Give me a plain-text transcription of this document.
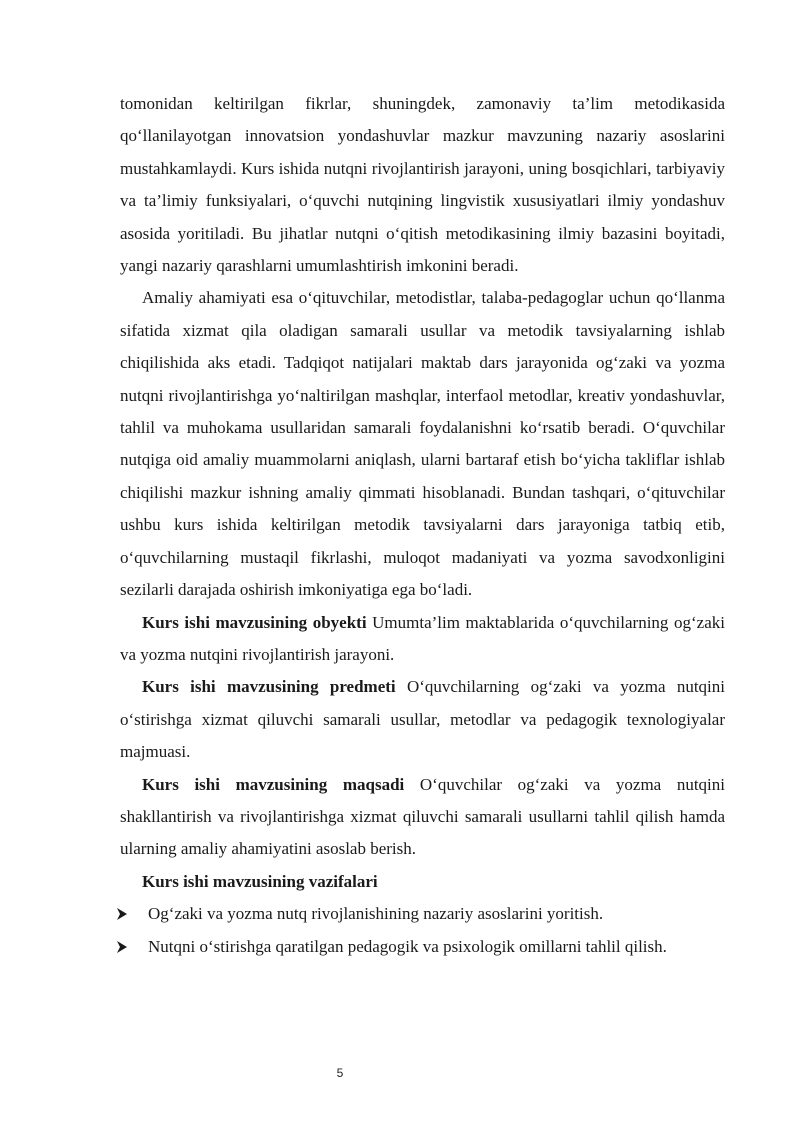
tomonidan keltirilgan fikrlar, shuningdek, zamonaviy ta’lim metodikasida qo‘llanilayotgan innovatsion yondashuvlar mazkur mavzuning nazariy asoslarini mustahkamlaydi. Kurs ishida nutqni rivojlantirish jarayoni, uning bosqichlari, tarbiyaviy va ta’limiy funksiyalari, o‘quvchi nutqining lingvistik xususiyatlari ilmiy yondashuv asosida yoritiladi. Bu jihatlar nutqni o‘qitish metodikasining ilmiy bazasini boyitadi, yangi nazariy qarashlarni umumlashtirish imkonini beradi.

Amaliy ahamiyati esa o‘qituvchilar, metodistlar, talaba-pedagoglar uchun qo‘llanma sifatida xizmat qila oladigan samarali usullar va metodik tavsiyalarning ishlab chiqilishida aks etadi. Tadqiqot natijalari maktab dars jarayonida og‘zaki va yozma nutqni rivojlantirishga yo‘naltirilgan mashqlar, interfaol metodlar, kreativ yondashuvlar, tahlil va muhokama usullaridan samarali foydalanishni ko‘rsatib beradi. O‘quvchilar nutqiga oid amaliy muammolarni aniqlash, ularni bartaraf etish bo‘yicha takliflar ishlab chiqilishi mazkur ishning amaliy qimmati hisoblanadi. Bundan tashqari, o‘qituvchilar ushbu kurs ishida keltirilgan metodik tavsiyalarni dars jarayoniga tatbiq etib, o‘quvchilarning mustaqil fikrlashi, muloqot madaniyati va yozma savodxonligini sezilarli darajada oshirish imkoniyatiga ega bo‘ladi.

Kurs ishi mavzusining obyekti Umumta’lim maktablarida o‘quvchilarning og‘zaki va yozma nutqini rivojlantirish jarayoni.

Kurs ishi mavzusining predmeti O‘quvchilarning og‘zaki va yozma nutqini o‘stirishga xizmat qiluvchi samarali usullar, metodlar va pedagogik texnologiyalar majmuasi.

Kurs ishi mavzusining maqsadi O‘quvchilar og‘zaki va yozma nutqini shakllantirish va rivojlantirishga xizmat qiluvchi samarali usullarni tahlil qilish hamda ularning amaliy ahamiyatini asoslab berish.

Kurs ishi mavzusining vazifalari

Og‘zaki va yozma nutq rivojlanishining nazariy asoslarini yoritish.
Nutqni o‘stirishga qaratilgan pedagogik va psixologik omillarni tahlil qilish.
5
